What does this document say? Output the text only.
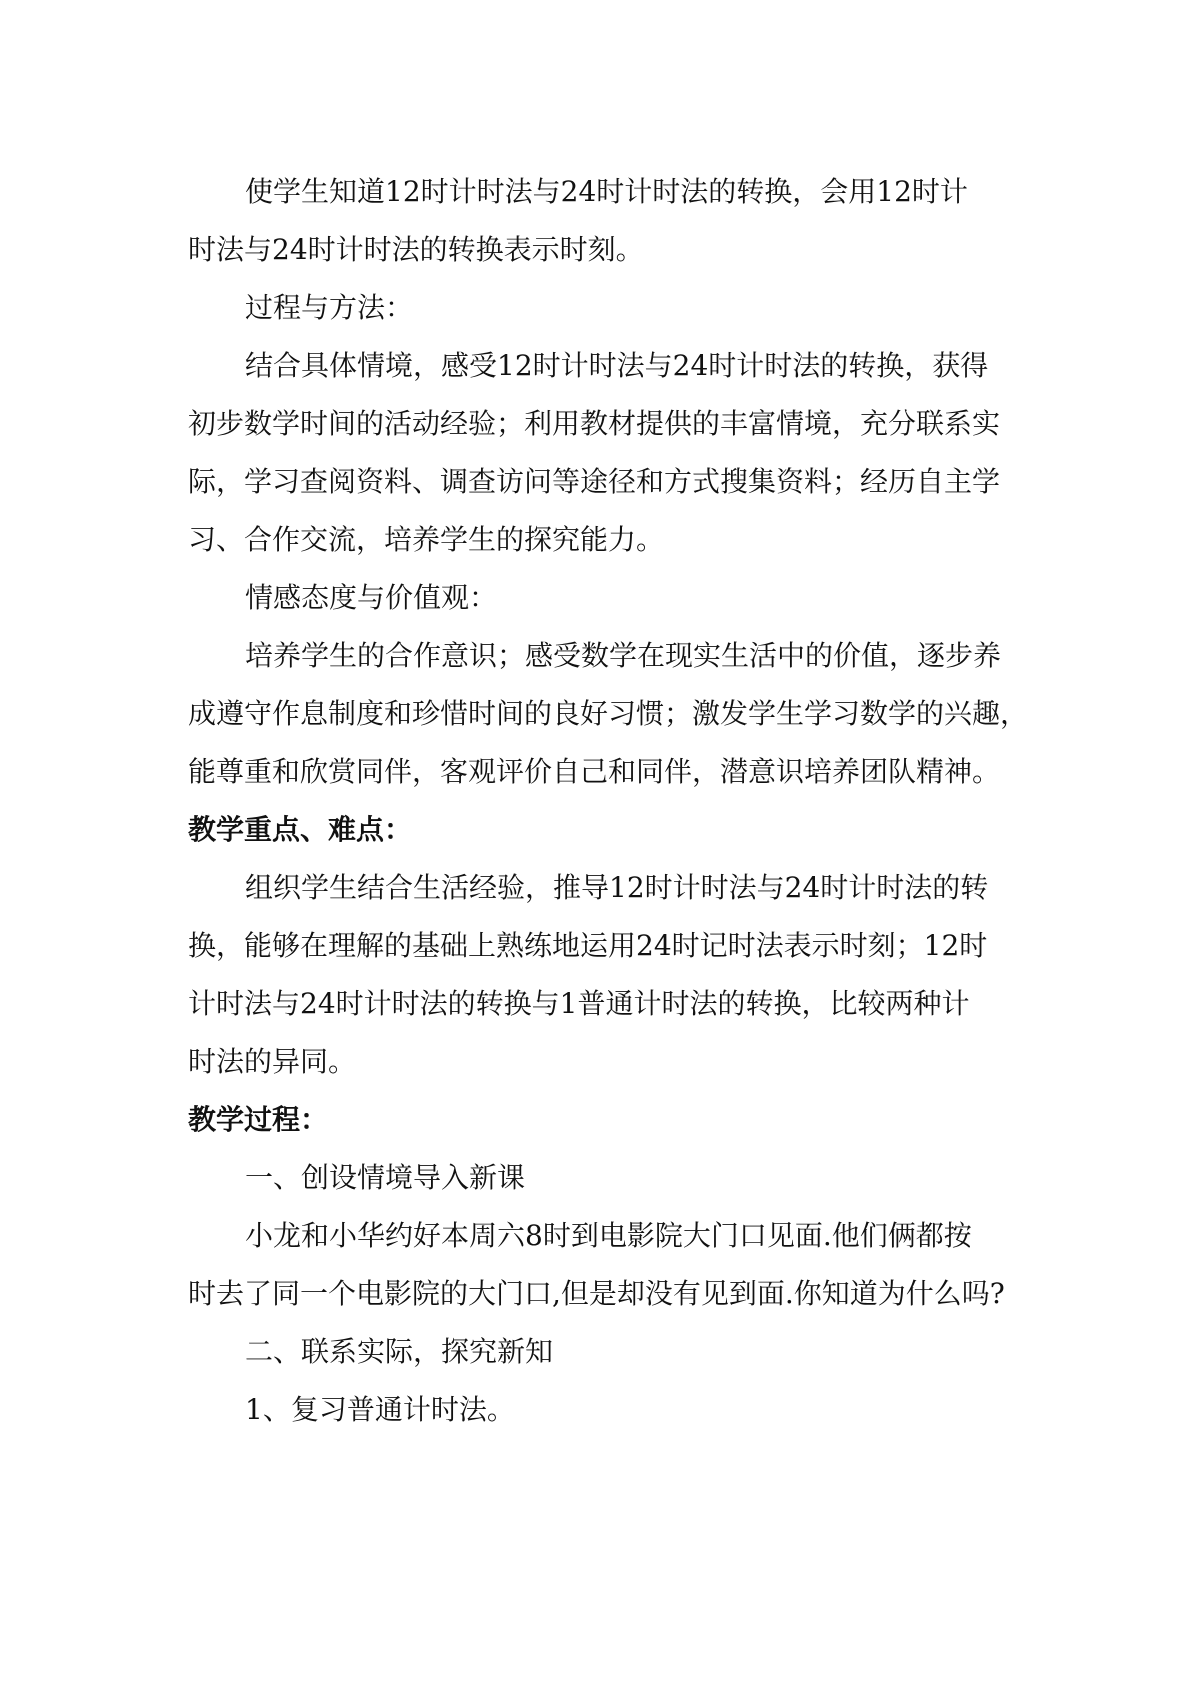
使学生知道12时计时法与24时计时法的转换，会用12时计
时法与24时计时法的转换表示时刻。
过程与方法：
结合具体情境，感受12时计时法与24时计时法的转换，获得
初步数学时间的活动经验；利用教材提供的丰富情境，充分联系实
际，学习查阅资料、调查访问等途径和方式搜集资料；经历自主学
习、合作交流，培养学生的探究能力。
情感态度与价值观：
培养学生的合作意识；感受数学在现实生活中的价值，逐步养
成遵守作息制度和珍惜时间的良好习惯；激发学生学习数学的兴趣，
能尊重和欣赏同伴，客观评价自己和同伴，潜意识培养团队精神。
教学重点、难点：
组织学生结合生活经验，推导12时计时法与24时计时法的转
换，能够在理解的基础上熟练地运用24时记时法表示时刻；12时
计时法与24时计时法的转换与1普通计时法的转换，比较两种计
时法的异同。
教学过程：
一、创设情境导入新课
小龙和小华约好本周六8时到电影院大门口见面.他们俩都按
时去了同一个电影院的大门口,但是却没有见到面.你知道为什么吗?
二、联系实际，探究新知
1、复习普通计时法。
